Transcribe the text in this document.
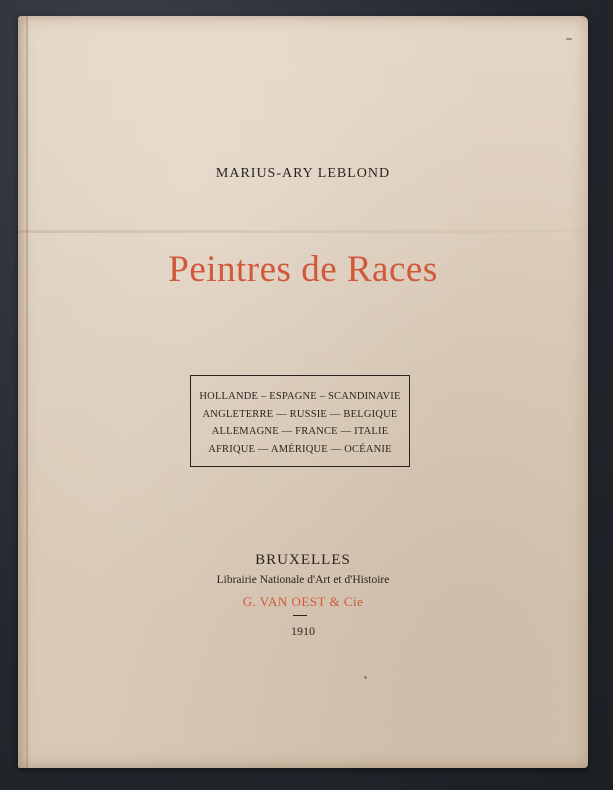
MARIUS-ARY LEBLOND
Peintres de Races
HOLLANDE – ESPAGNE – SCANDINAVIE
ANGLETERRE — RUSSIE — BELGIQUE
ALLEMAGNE — FRANCE — ITALIE
AFRIQUE — AMÉRIQUE — OCÉANIE
BRUXELLES
Librairie Nationale d'Art et d'Histoire
G. VAN OEST & Cie
1910
